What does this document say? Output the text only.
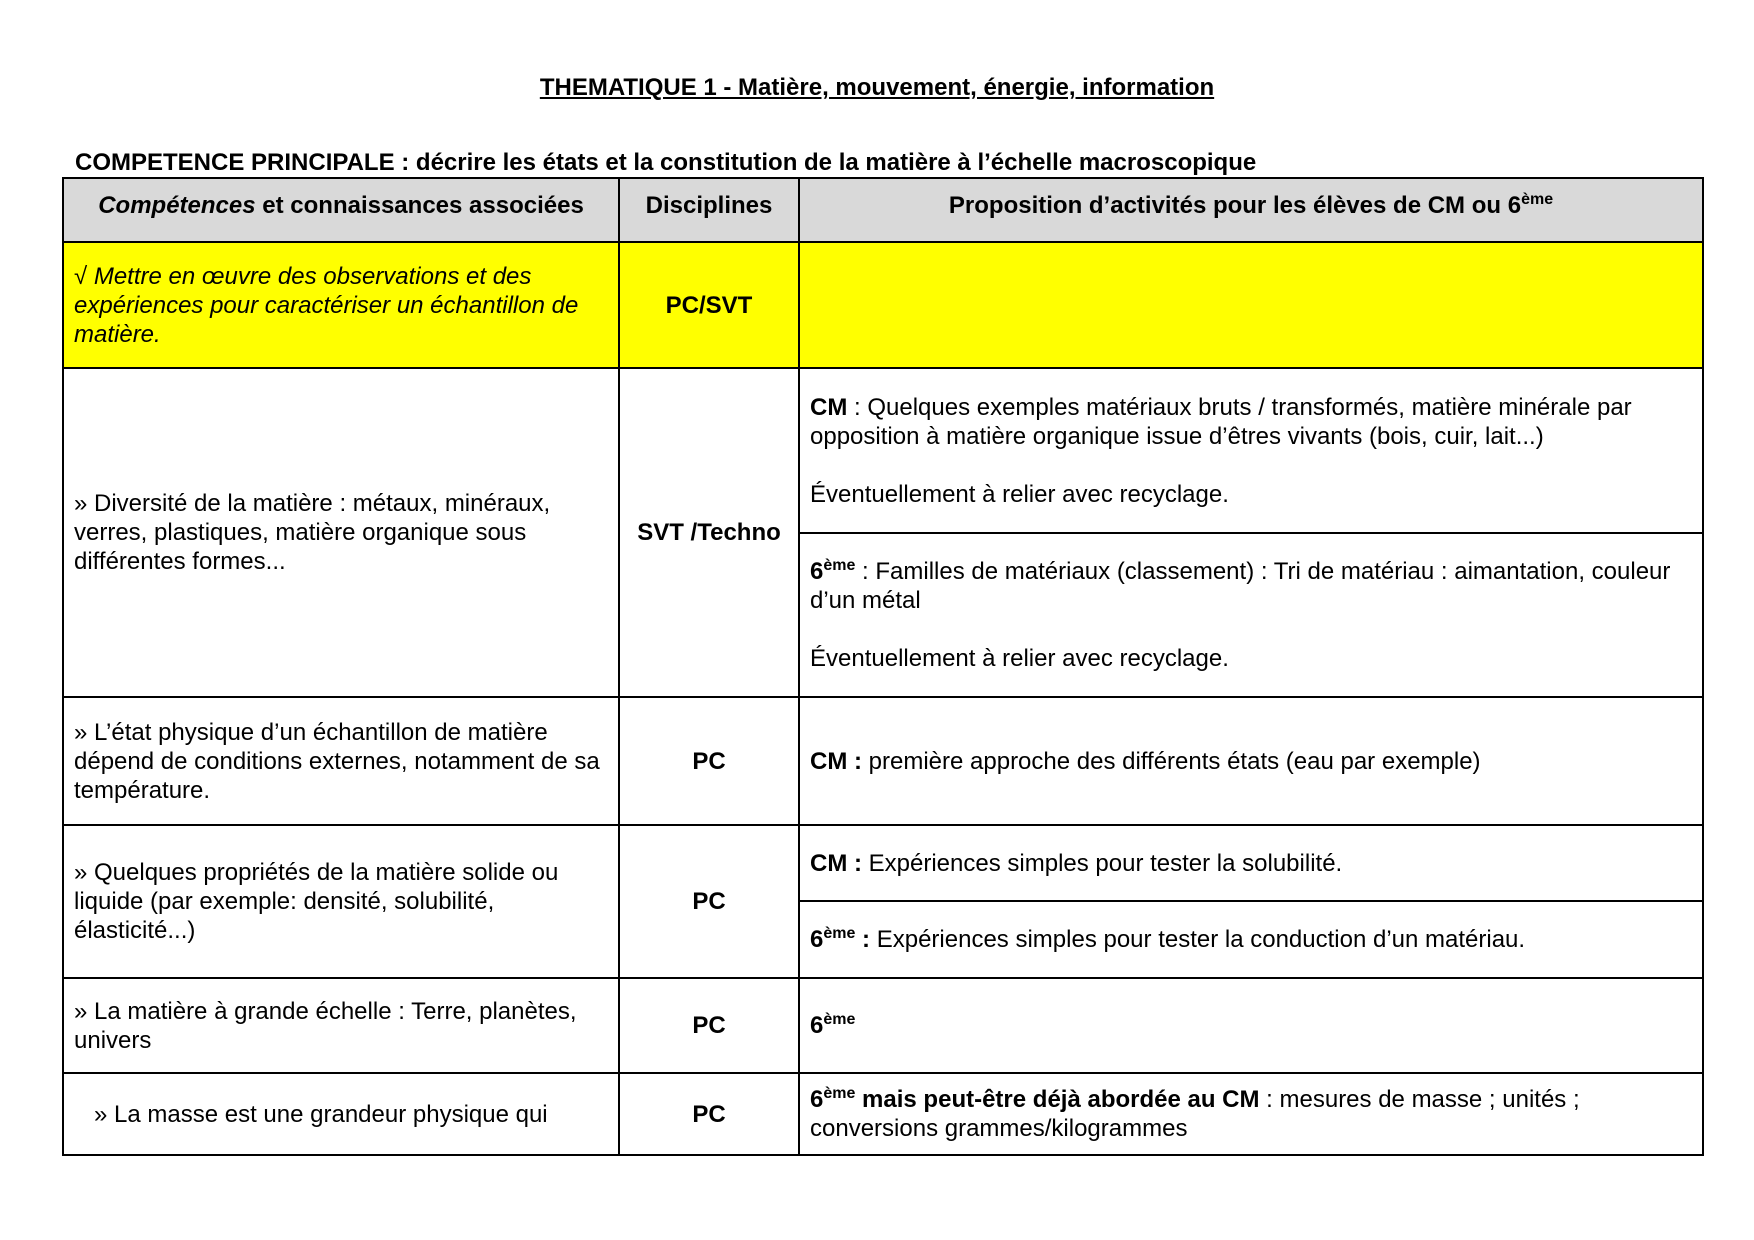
THEMATIQUE 1 - Matière, mouvement, énergie, information
COMPETENCE PRINCIPALE : décrire les états et la constitution de la matière à l’échelle macroscopique
Compétences et connaissances associées	Disciplines	Proposition d’activités pour les élèves de CM ou 6ème
√ Mettre en œuvre des observations et des expériences pour caractériser un échantillon de matière.	PC/SVT	
» Diversité de la matière : métaux, minéraux, verres, plastiques, matière organique sous différentes formes...	SVT /Techno	CM : Quelques exemples matériaux bruts / transformés, matière minérale par opposition à matière organique issue d’êtres vivants (bois, cuir, lait...)
Éventuellement à relier avec recyclage.

		6ème : Familles de matériaux (classement) : Tri de matériau : aimantation, couleur d’un métal
Éventuellement à relier avec recyclage.

» L’état physique d’un échantillon de matière dépend de conditions externes, notamment de sa température.	PC	CM : première approche des différents états (eau par exemple)
» Quelques propriétés de la matière solide ou liquide (par exemple: densité, solubilité, élasticité...)	PC	CM : Expériences simples pour tester la solubilité.
		6ème : Expériences simples pour tester la conduction d’un matériau.
» La matière à grande échelle : Terre, planètes, univers	PC	6ème
» La masse est une grandeur physique qui	PC	6ème mais peut-être déjà abordée au CM : mesures de masse ; unités ; conversions grammes/kilogrammes
